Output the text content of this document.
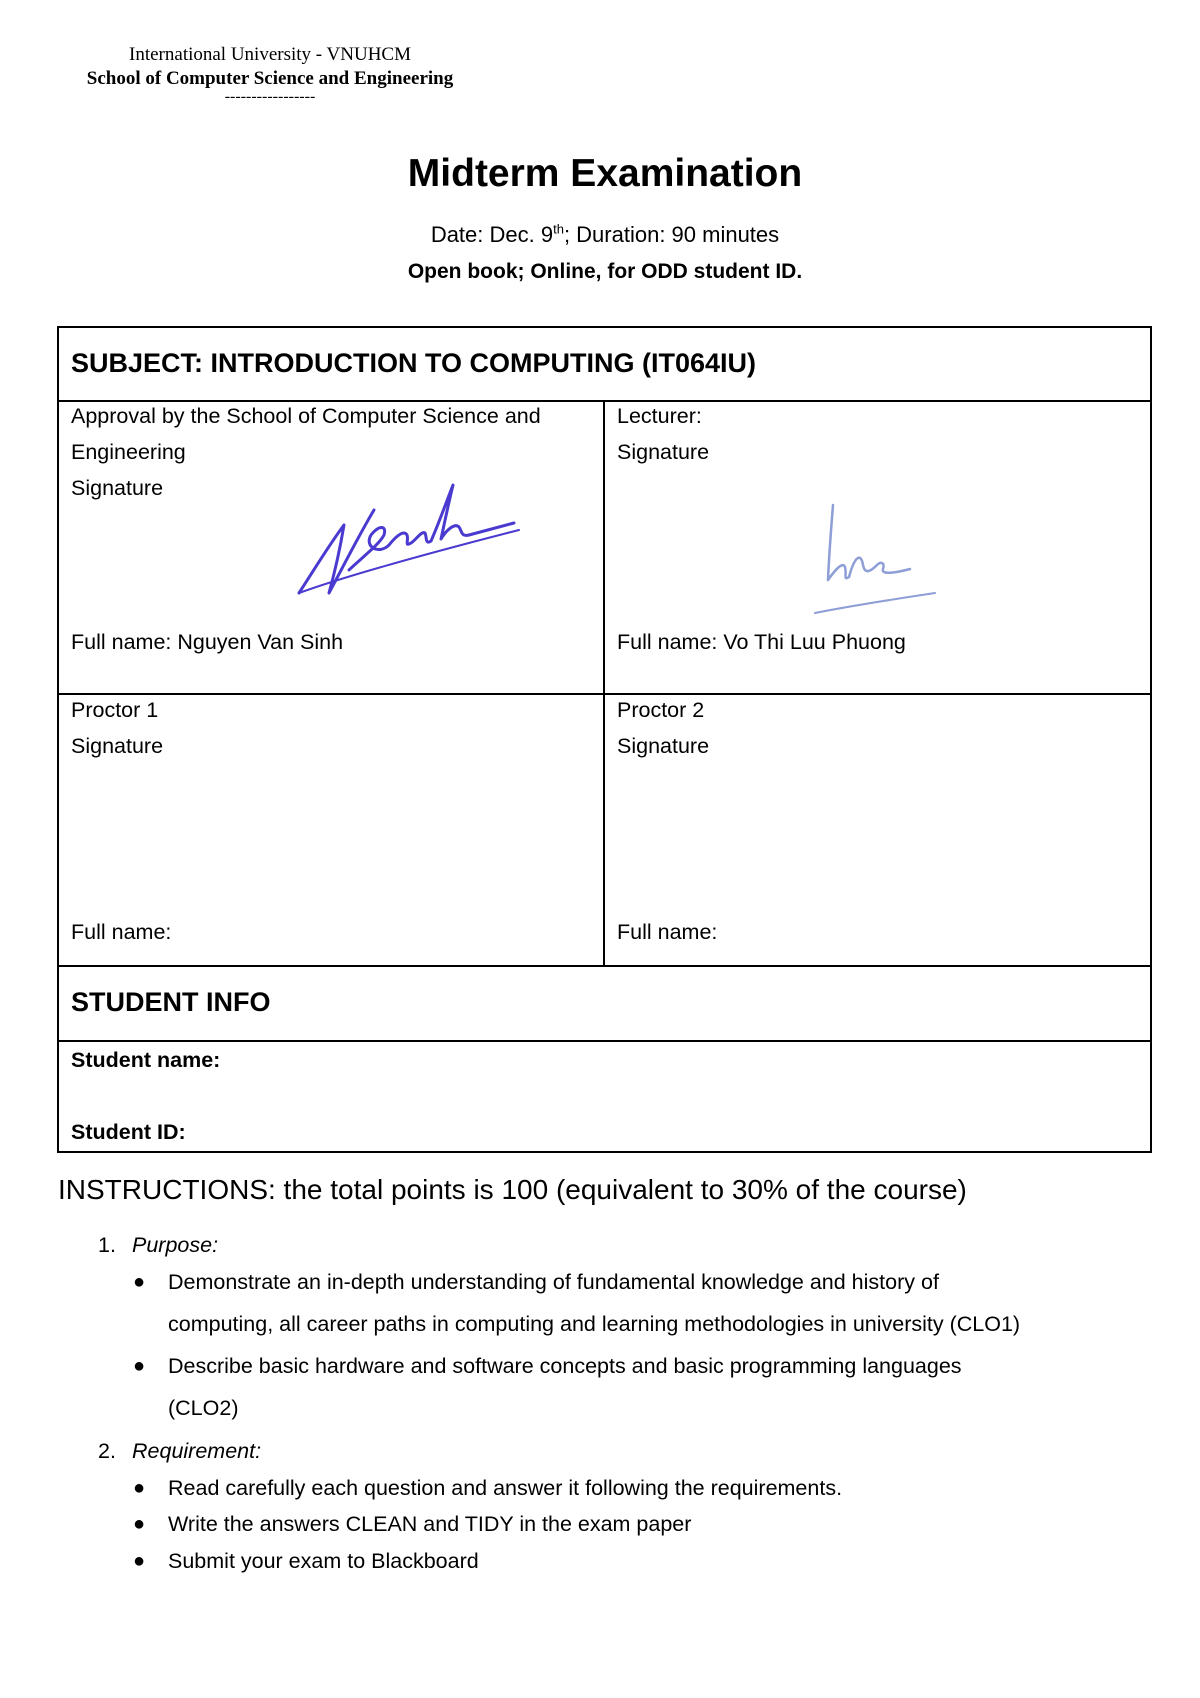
International University - VNUHCM
School of Computer Science and Engineering
-----------------
Midterm Examination
Date: Dec. 9th; Duration: 90 minutes
Open book; Online, for ODD student ID.
SUBJECT: INTRODUCTION TO COMPUTING (IT064IU)
Approval by the School of Computer Science and
Engineering
Signature
Full name: Nguyen Van Sinh
Lecturer:
Signature
Full name: Vo Thi Luu Phuong
Proctor 1
Signature
Full name:
Proctor 2
Signature
Full name:
STUDENT INFO
Student name:
Student ID:
INSTRUCTIONS: the total points is 100 (equivalent to 30% of the course)
1. Purpose:
● Demonstrate an in-depth understanding of fundamental knowledge and history of
computing, all career paths in computing and learning methodologies in university (CLO1)
● Describe basic hardware and software concepts and basic programming languages
(CLO2)
2. Requirement:
● Read carefully each question and answer it following the requirements.
● Write the answers CLEAN and TIDY in the exam paper
● Submit your exam to Blackboard
